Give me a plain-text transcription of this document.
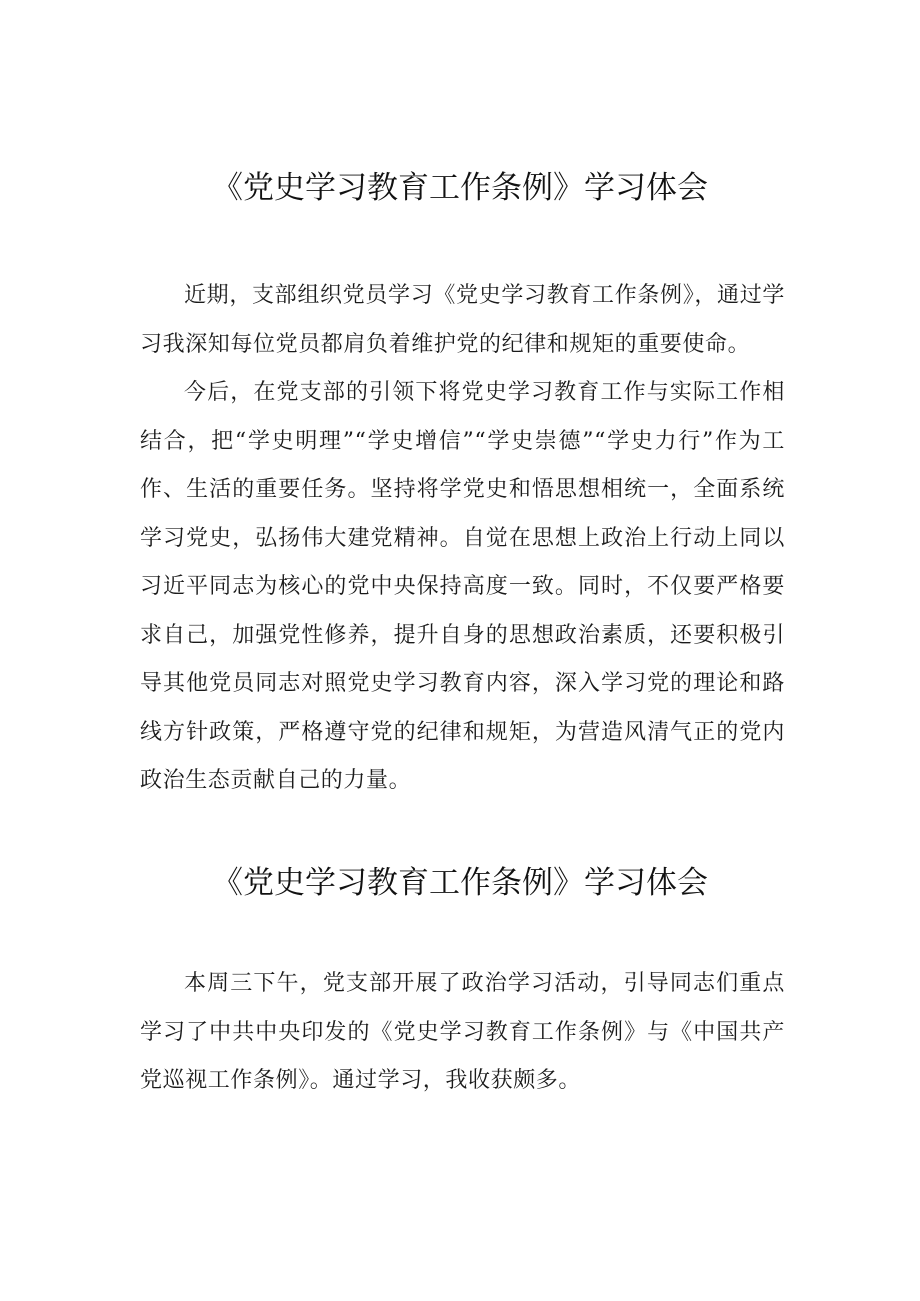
《党史学习教育工作条例》学习体会

近期，支部组织党员学习《党史学习教育工作条例》，通过学习我深知每位党员都肩负着维护党的纪律和规矩的重要使命。

今后，在党支部的引领下将党史学习教育工作与实际工作相结合，把“学史明理”“学史增信”“学史崇德”“学史力行”作为工作、生活的重要任务。坚持将学党史和悟思想相统一，全面系统学习党史，弘扬伟大建党精神。自觉在思想上政治上行动上同以习近平同志为核心的党中央保持高度一致。同时，不仅要严格要求自己，加强党性修养，提升自身的思想政治素质，还要积极引导其他党员同志对照党史学习教育内容，深入学习党的理论和路线方针政策，严格遵守党的纪律和规矩，为营造风清气正的党内政治生态贡献自己的力量。

《党史学习教育工作条例》学习体会

本周三下午，党支部开展了政治学习活动，引导同志们重点学习了中共中央印发的《党史学习教育工作条例》与《中国共产党巡视工作条例》。通过学习，我收获颇多。
